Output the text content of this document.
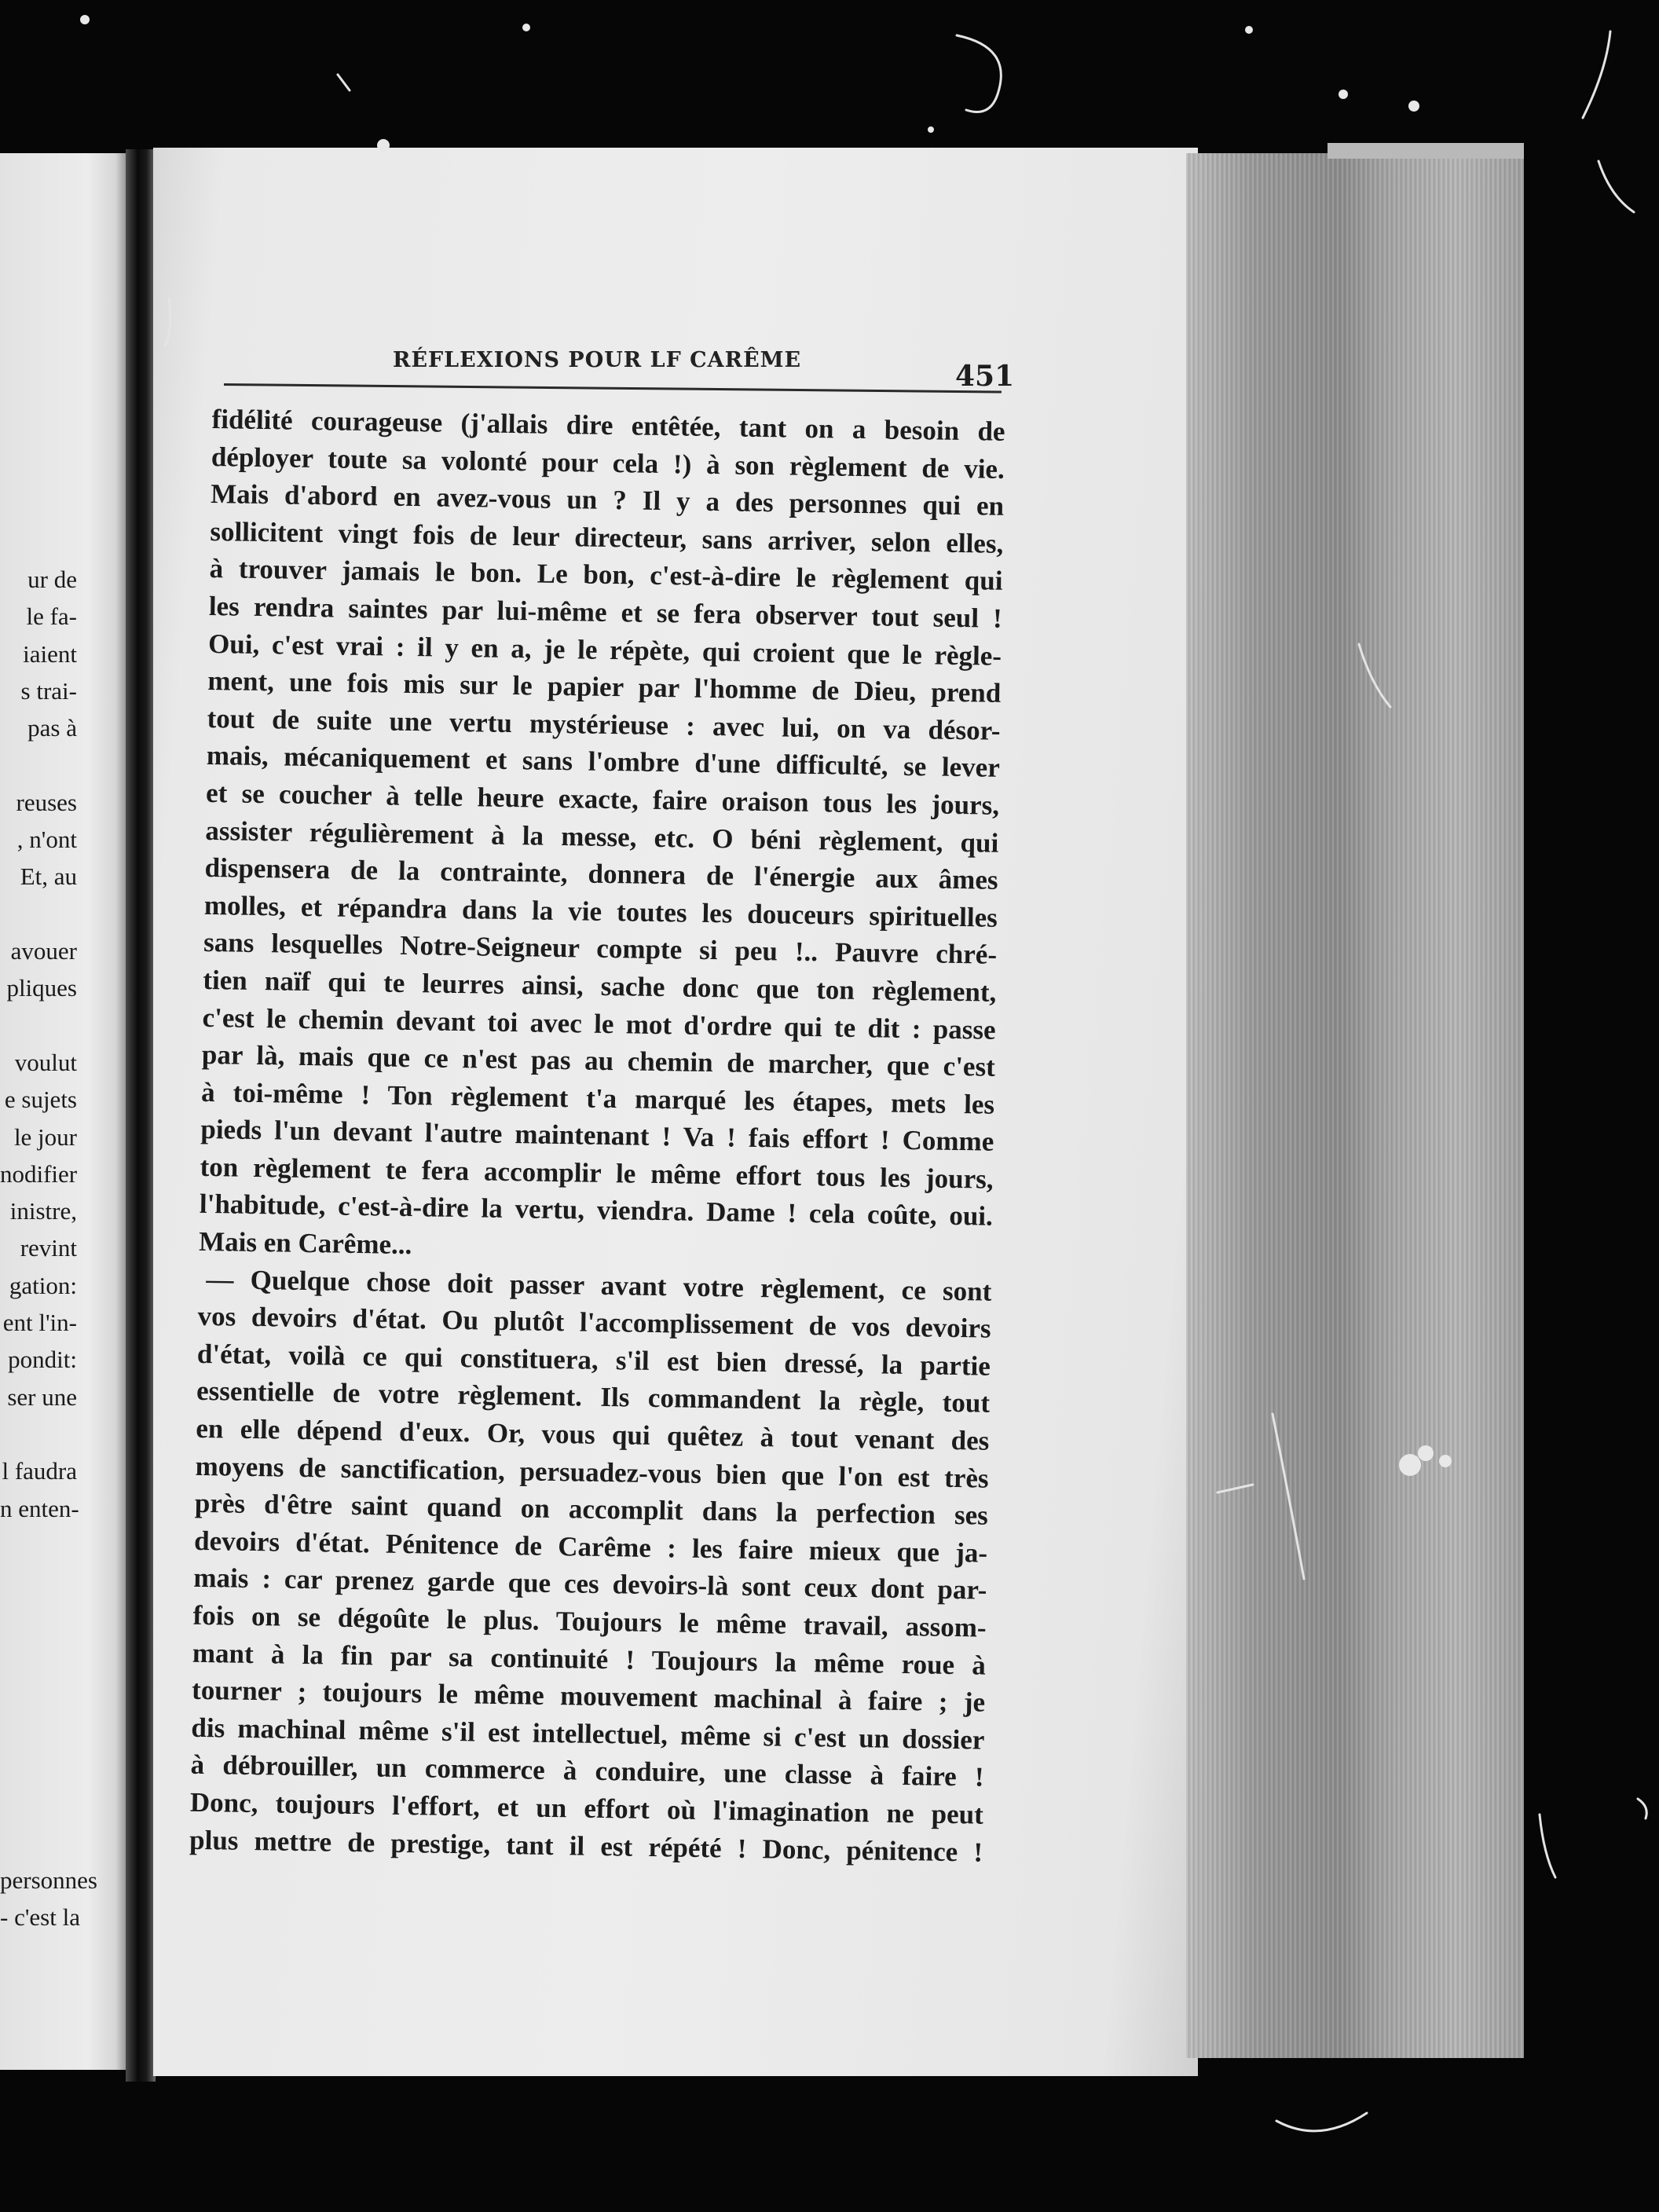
ur de
le fa-
iaient
s trai-
pas à
reuses
, n'ont
Et, au
avouer
pliques
voulut
e sujets
le jour
nodifier
inistre,
revint
gation:
ent l'in-
pondit:
ser une
l faudra
n enten-
personnes
- c'est la
RÉFLEXIONS POUR LF CARÊME	451
fidélité courageuse (j'allais dire entêtée, tant on a besoin de
déployer toute sa volonté pour cela !) à son règlement de vie.
Mais d'abord en avez-vous un ? Il y a des personnes qui en
sollicitent vingt fois de leur directeur, sans arriver, selon elles,
à trouver jamais le bon. Le bon, c'est-à-dire le règlement qui
les rendra saintes par lui-même et se fera observer tout seul !
Oui, c'est vrai : il y en a, je le répète, qui croient que le règle-
ment, une fois mis sur le papier par l'homme de Dieu, prend
tout de suite une vertu mystérieuse : avec lui, on va désor-
mais, mécaniquement et sans l'ombre d'une difficulté, se lever
et se coucher à telle heure exacte, faire oraison tous les jours,
assister régulièrement à la messe, etc. O béni règlement, qui
dispensera de la contrainte, donnera de l'énergie aux âmes
molles, et répandra dans la vie toutes les douceurs spirituelles
sans lesquelles Notre-Seigneur compte si peu !.. Pauvre chré-
tien naïf qui te leurres ainsi, sache donc que ton règlement,
c'est le chemin devant toi avec le mot d'ordre qui te dit : passe
par là, mais que ce n'est pas au chemin de marcher, que c'est
à toi-même ! Ton règlement t'a marqué les étapes, mets les
pieds l'un devant l'autre maintenant ! Va ! fais effort ! Comme
ton règlement te fera accomplir le même effort tous les jours,
l'habitude, c'est-à-dire la vertu, viendra. Dame ! cela coûte, oui.
Mais en Carême...
— Quelque chose doit passer avant votre règlement, ce sont
vos devoirs d'état. Ou plutôt l'accomplissement de vos devoirs
d'état, voilà ce qui constituera, s'il est bien dressé, la partie
essentielle de votre règlement. Ils commandent la règle, tout
en elle dépend d'eux. Or, vous qui quêtez à tout venant des
moyens de sanctification, persuadez-vous bien que l'on est très
près d'être saint quand on accomplit dans la perfection ses
devoirs d'état. Pénitence de Carême : les faire mieux que ja-
mais : car prenez garde que ces devoirs-là sont ceux dont par-
fois on se dégoûte le plus. Toujours le même travail, assom-
mant à la fin par sa continuité ! Toujours la même roue à
tourner ; toujours le même mouvement machinal à faire ; je
dis machinal même s'il est intellectuel, même si c'est un dossier
à débrouiller, un commerce à conduire, une classe à faire !
Donc, toujours l'effort, et un effort où l'imagination ne peut
plus mettre de prestige, tant il est répété ! Donc, pénitence !
